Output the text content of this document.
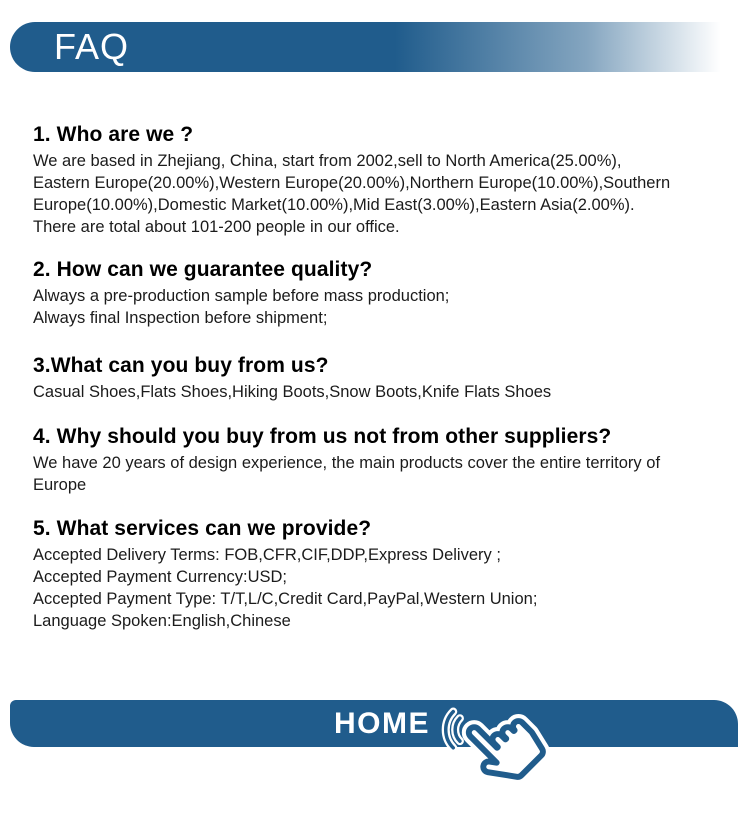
FAQ
1. Who are we ?
We are based in Zhejiang, China, start from 2002,sell to North America(25.00%),
Eastern Europe(20.00%),Western Europe(20.00%),Northern Europe(10.00%),Southern
Europe(10.00%),Domestic Market(10.00%),Mid East(3.00%),Eastern Asia(2.00%).
There are total about 101-200 people in our office.
2. How can we guarantee quality?
Always a pre-production sample before mass production;
Always final Inspection before shipment;
3.What can you buy from us?
Casual Shoes,Flats Shoes,Hiking Boots,Snow Boots,Knife Flats Shoes
4. Why should you buy from us not from other suppliers?
We have 20 years of design experience, the main products cover the entire territory of
Europe
5. What services can we provide?
Accepted Delivery Terms: FOB,CFR,CIF,DDP,Express Delivery ;
Accepted Payment Currency:USD;
Accepted Payment Type: T/T,L/C,Credit Card,PayPal,Western Union;
Language Spoken:English,Chinese
HOME
